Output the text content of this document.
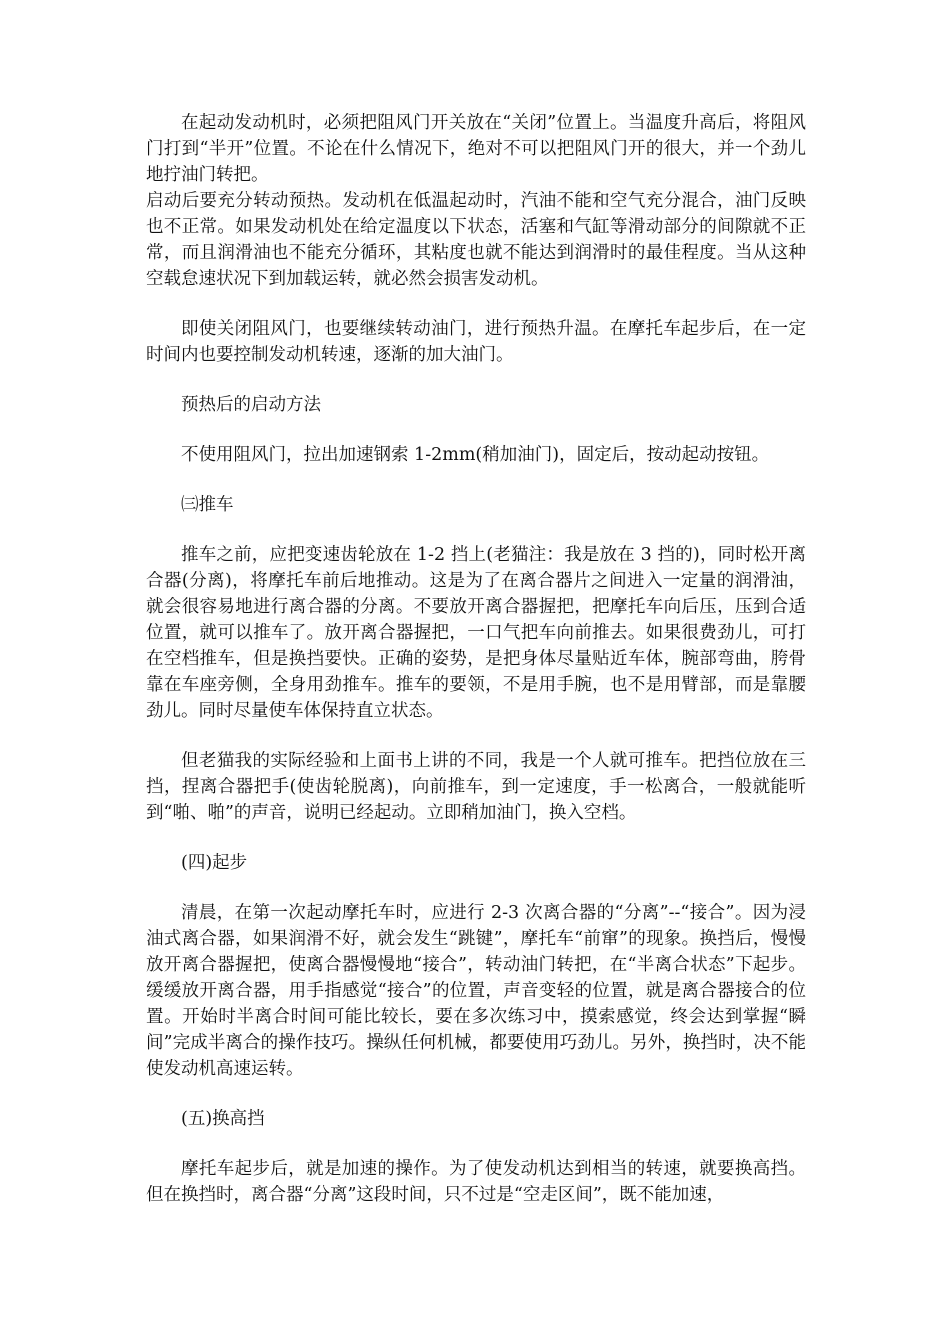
在起动发动机时，必须把阻风门开关放在“关闭”位置上。当温度升高后，将阻风门打到“半开”位置。不论在什么情况下，绝对不可以把阻风门开的很大，并一个劲儿地拧油门转把。

启动后要充分转动预热。发动机在低温起动时，汽油不能和空气充分混合，油门反映也不正常。如果发动机处在给定温度以下状态，活塞和气缸等滑动部分的间隙就不正常，而且润滑油也不能充分循环，其粘度也就不能达到润滑时的最佳程度。当从这种空载怠速状况下到加载运转，就必然会损害发动机。

即使关闭阻风门，也要继续转动油门，进行预热升温。在摩托车起步后，在一定时间内也要控制发动机转速，逐渐的加大油门。

预热后的启动方法

不使用阻风门，拉出加速钢索 1-2mm(稍加油门)，固定后，按动起动按钮。

㈢推车

推车之前，应把变速齿轮放在 1-2 挡上(老猫注：我是放在 3 挡的)，同时松开离合器(分离)，将摩托车前后地推动。这是为了在离合器片之间进入一定量的润滑油，就会很容易地进行离合器的分离。不要放开离合器握把，把摩托车向后压，压到合适位置，就可以推车了。放开离合器握把，一口气把车向前推去。如果很费劲儿，可打在空档推车，但是换挡要快。正确的姿势，是把身体尽量贴近车体，腕部弯曲，胯骨靠在车座旁侧，全身用劲推车。推车的要领，不是用手腕，也不是用臂部，而是靠腰劲儿。同时尽量使车体保持直立状态。

但老猫我的实际经验和上面书上讲的不同，我是一个人就可推车。把挡位放在三挡，捏离合器把手(使齿轮脱离)，向前推车，到一定速度，手一松离合，一般就能听到“啪、啪”的声音，说明已经起动。立即稍加油门，换入空档。

(四)起步

清晨，在第一次起动摩托车时，应进行 2-3 次离合器的“分离”--“接合”。因为浸油式离合器，如果润滑不好，就会发生“跳键”，摩托车“前窜”的现象。换挡后，慢慢放开离合器握把，使离合器慢慢地“接合”，转动油门转把，在“半离合状态”下起步。缓缓放开离合器，用手指感觉“接合”的位置，声音变轻的位置，就是离合器接合的位置。开始时半离合时间可能比较长，要在多次练习中，摸索感觉，终会达到掌握“瞬间”完成半离合的操作技巧。操纵任何机械，都要使用巧劲儿。另外，换挡时，决不能使发动机高速运转。

(五)换高挡

摩托车起步后，就是加速的操作。为了使发动机达到相当的转速，就要换高挡。但在换挡时，离合器“分离”这段时间，只不过是“空走区间”，既不能加速，
